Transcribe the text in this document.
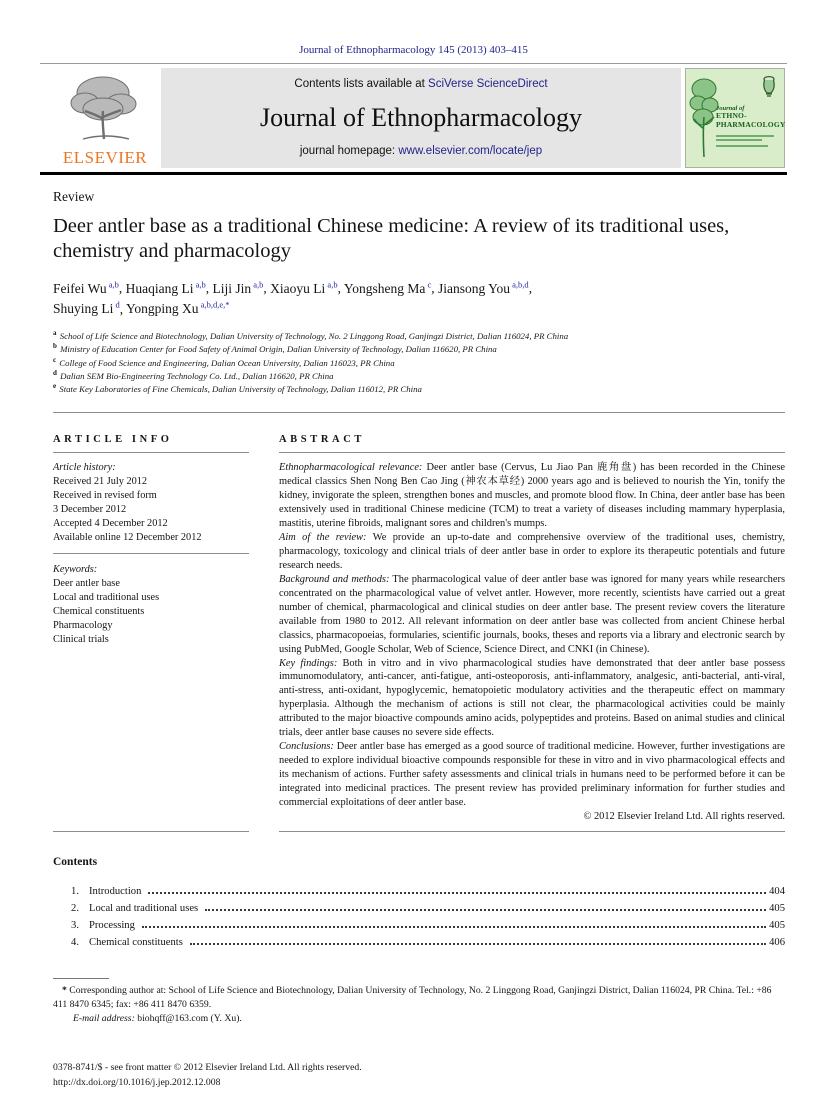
Journal of Ethnopharmacology 145 (2013) 403–415
ELSEVIER
Contents lists available at SciVerse ScienceDirect
Journal of Ethnopharmacology
journal homepage: www.elsevier.com/locate/jep
Journal of
ETHNO-
PHARMACOLOGY
Review
Deer antler base as a traditional Chinese medicine: A review of its traditional uses, chemistry and pharmacology
Feifei Wu $^{a,b}$, Huaqiang Li $^{a,b}$, Liji Jin $^{a,b}$, Xiaoyu Li $^{a,b}$, Yongsheng Ma $^c$, Jiansong You $^{a,b,d}$,
Shuying Li $^d$, Yongping Xu $^{a,b,d,e,*}$
$^a$ School of Life Science and Biotechnology, Dalian University of Technology, No. 2 Linggong Road, Ganjingzi District, Dalian 116024, PR China
$^b$ Ministry of Education Center for Food Safety of Animal Origin, Dalian University of Technology, Dalian 116620, PR China
$^c$ College of Food Science and Engineering, Dalian Ocean University, Dalian 116023, PR China
$^d$ Dalian SEM Bio-Engineering Technology Co. Ltd., Dalian 116620, PR China
$^e$ State Key Laboratories of Fine Chemicals, Dalian University of Technology, Dalian 116012, PR China
ARTICLE INFO
Article history:
Received 21 July 2012
Received in revised form
3 December 2012
Accepted 4 December 2012
Available online 12 December 2012
Keywords:
Deer antler base
Local and traditional uses
Chemical constituents
Pharmacology
Clinical trials
ABSTRACT
Ethnopharmacological relevance: Deer antler base (Cervus, Lu Jiao Pan 鹿角盘) has been recorded in the Chinese medical classics Shen Nong Ben Cao Jing (神农本草经) 2000 years ago and is believed to nourish the Yin, tonify the kidney, invigorate the spleen, strengthen bones and muscles, and promote blood flow. In China, deer antler base has been extensively used in traditional Chinese medicine (TCM) to treat a variety of diseases including mammary hyperplasia, mastitis, uterine fibroids, malignant sores and children's mumps.
Aim of the review: We provide an up-to-date and comprehensive overview of the traditional uses, chemistry, pharmacology, toxicology and clinical trials of deer antler base in order to explore its therapeutic potentials and future research needs.
Background and methods: The pharmacological value of deer antler base was ignored for many years while researchers concentrated on the pharmacological value of velvet antler. However, more recently, scientists have carried out a great number of chemical, pharmacological and clinical studies on deer antler base. The present review covers the literature available from 1980 to 2012. All relevant information on deer antler base was collected from ancient Chinese herbal classics, pharmacopoeias, formularies, scientific journals, books, theses and reports via a library and electronic search by using PubMed, Google Scholar, Web of Science, Science Direct, and CNKI (in Chinese).
Key findings: Both in vitro and in vivo pharmacological studies have demonstrated that deer antler base possess immunomodulatory, anti-cancer, anti-fatigue, anti-osteoporosis, anti-inflammatory, analgesic, anti-bacterial, anti-viral, anti-stress, anti-oxidant, hypoglycemic, hematopoietic modulatory activities and the therapeutic effect on mammary hyperplasia. Although the mechanism of actions is still not clear, the pharmacological activities could be mainly attributed to the major bioactive compounds amino acids, polypeptides and proteins. Based on animal studies and clinical trials, deer antler base causes no severe side effects.
Conclusions: Deer antler base has emerged as a good source of traditional medicine. However, further investigations are needed to explore individual bioactive compounds responsible for these in vitro and in vivo pharmacological effects and its mechanism of actions. Further safety assessments and clinical trials in humans need to be performed before it can be integrated into medicinal practices. The present review has provided preliminary information for further studies and commercial exploitations of deer antler base.
© 2012 Elsevier Ireland Ltd. All rights reserved.
Contents
1. Introduction	404
2. Local and traditional uses	405
3. Processing	405
4. Chemical constituents	406
* Corresponding author at: School of Life Science and Biotechnology, Dalian University of Technology, No. 2 Linggong Road, Ganjingzi District, Dalian 116024, PR China. Tel.: +86 411 8470 6345; fax: +86 411 8470 6359.
E-mail address: biohqff@163.com (Y. Xu).
0378-8741/$ - see front matter © 2012 Elsevier Ireland Ltd. All rights reserved.
http://dx.doi.org/10.1016/j.jep.2012.12.008
